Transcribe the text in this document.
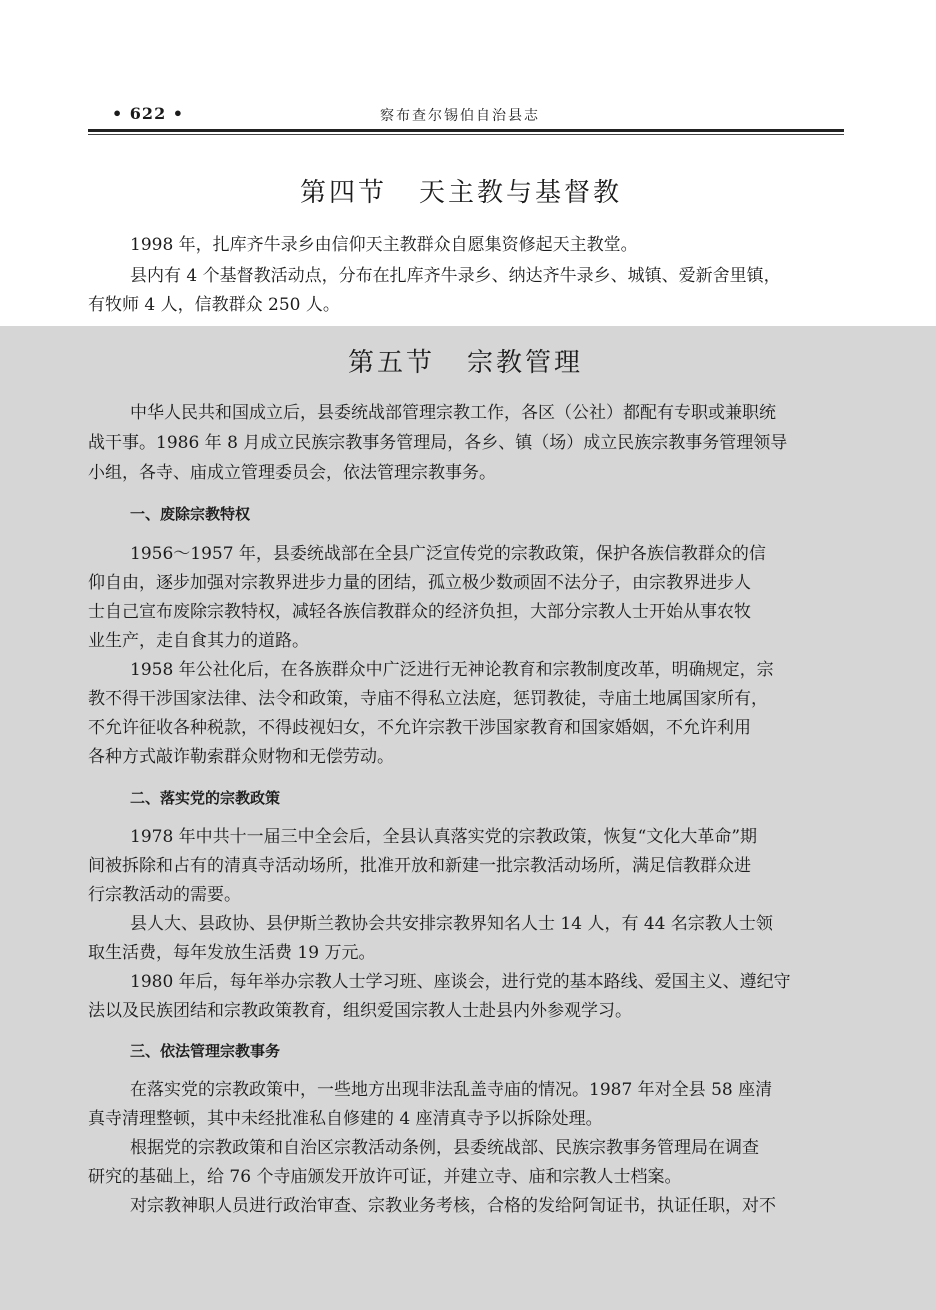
• 622 •	察布查尔锡伯自治县志
第四节 天主教与基督教
1998 年，扎库齐牛录乡由信仰天主教群众自愿集资修起天主教堂。
县内有 4 个基督教活动点，分布在扎库齐牛录乡、纳达齐牛录乡、城镇、爱新舍里镇，
有牧师 4 人，信教群众 250 人。
第五节 宗教管理
中华人民共和国成立后，县委统战部管理宗教工作，各区（公社）都配有专职或兼职统
战干事。1986 年 8 月成立民族宗教事务管理局，各乡、镇（场）成立民族宗教事务管理领导
小组，各寺、庙成立管理委员会，依法管理宗教事务。
一、废除宗教特权
1956～1957 年，县委统战部在全县广泛宣传党的宗教政策，保护各族信教群众的信
仰自由，逐步加强对宗教界进步力量的团结，孤立极少数顽固不法分子，由宗教界进步人
士自己宣布废除宗教特权，减轻各族信教群众的经济负担，大部分宗教人士开始从事农牧
业生产，走自食其力的道路。
1958 年公社化后，在各族群众中广泛进行无神论教育和宗教制度改革，明确规定，宗
教不得干涉国家法律、法令和政策，寺庙不得私立法庭，惩罚教徒，寺庙土地属国家所有，
不允许征收各种税款，不得歧视妇女，不允许宗教干涉国家教育和国家婚姻，不允许利用
各种方式敲诈勒索群众财物和无偿劳动。
二、落实党的宗教政策
1978 年中共十一届三中全会后，全县认真落实党的宗教政策，恢复“文化大革命”期
间被拆除和占有的清真寺活动场所，批准开放和新建一批宗教活动场所，满足信教群众进
行宗教活动的需要。
县人大、县政协、县伊斯兰教协会共安排宗教界知名人士 14 人，有 44 名宗教人士领
取生活费，每年发放生活费 19 万元。
1980 年后，每年举办宗教人士学习班、座谈会，进行党的基本路线、爱国主义、遵纪守
法以及民族团结和宗教政策教育，组织爱国宗教人士赴县内外参观学习。
三、依法管理宗教事务
在落实党的宗教政策中，一些地方出现非法乱盖寺庙的情况。1987 年对全县 58 座清
真寺清理整顿，其中未经批准私自修建的 4 座清真寺予以拆除处理。
根据党的宗教政策和自治区宗教活动条例，县委统战部、民族宗教事务管理局在调查
研究的基础上，给 76 个寺庙颁发开放许可证，并建立寺、庙和宗教人士档案。
对宗教神职人员进行政治审查、宗教业务考核，合格的发给阿訇证书，执证任职，对不
